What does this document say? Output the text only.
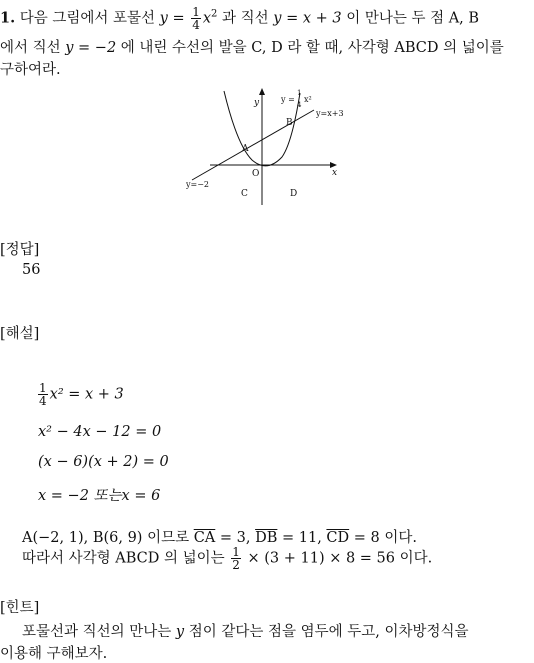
1. 다음 그림에서 포물선 $y = \frac{1}{4} x^2$ 과 직선 y = x + 3 이 만나는 두 점 A, B
에서 직선 y = −2 에 내린 수선의 발을 C, D 라 할 때, 사각형 ABCD 의 넓이를
구하여라.
y
x
O
y =
1
4
x²
y=x+3
y=−2
A
B
C	D
[정답]
56
[해설]
$\frac{1}{4} x^2 = x + 3$
x² − 4x − 12 = 0
(x − 6)(x + 2) = 0
x = −2 또는x = 6
A(−2, 1), B(6, 9) 이므로 $\overline{CA} = 3$, $\overline{DB} = 11$, $\overline{CD} = 8$ 이다.
따라서 사각형 ABCD 의 넓이는 $\frac{1}{2} \times (3 + 11) \times 8 = 56$ 이다.
[힌트]
포물선과 직선의 만나는 y 점이 같다는 점을 염두에 두고, 이차방정식을
이용해 구해보자.
